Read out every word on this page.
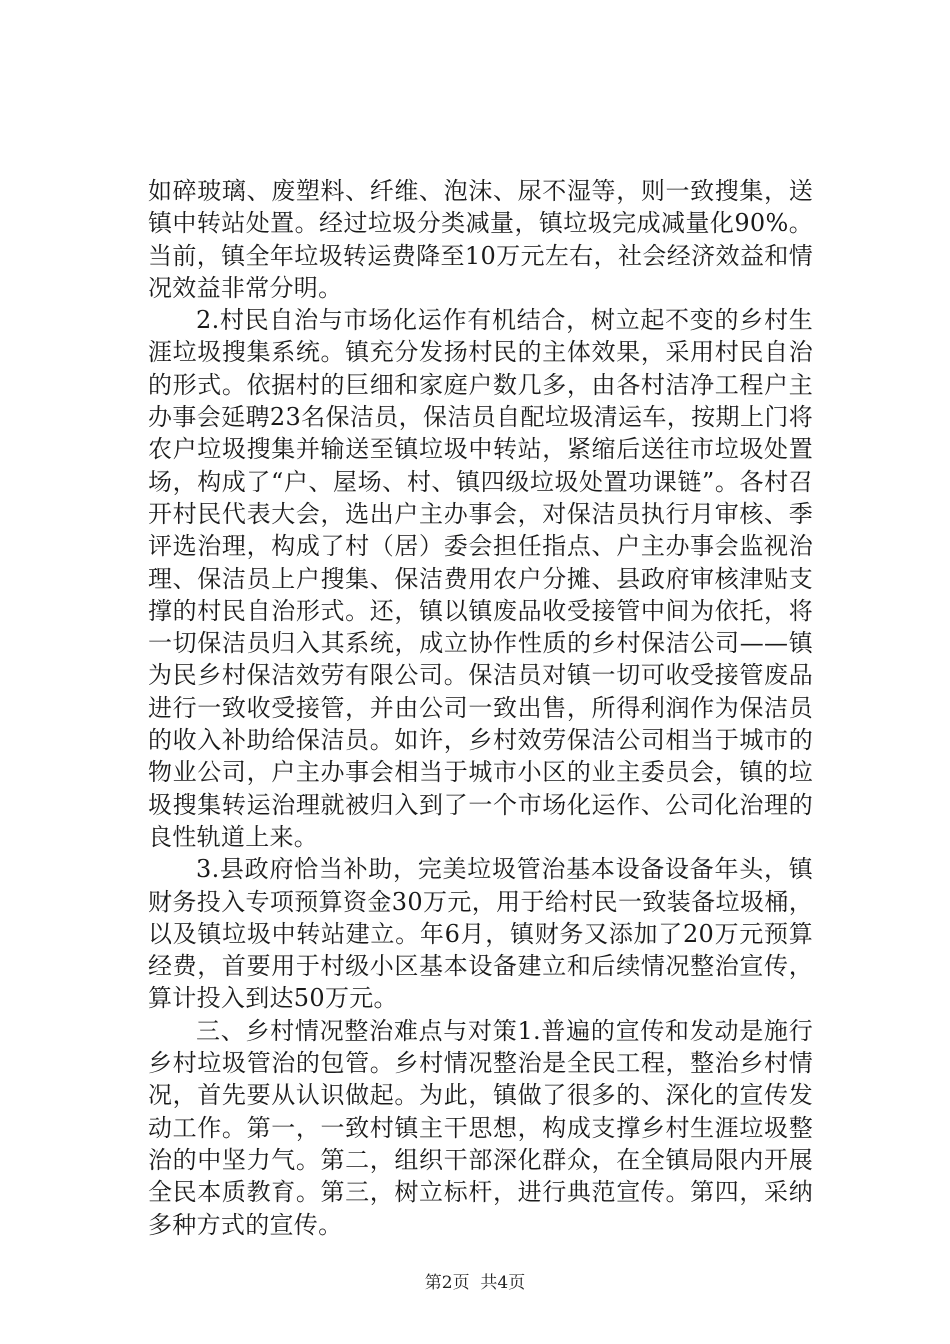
如碎玻璃、废塑料、纤维、泡沫、尿不湿等，则一致搜集，送镇中转站处置。经过垃圾分类减量，镇垃圾完成减量化90%。当前，镇全年垃圾转运费降至10万元左右，社会经济效益和情况效益非常分明。

2.村民自治与市场化运作有机结合，树立起不变的乡村生涯垃圾搜集系统。镇充分发扬村民的主体效果，采用村民自治的形式。依据村的巨细和家庭户数几多，由各村洁净工程户主办事会延聘23名保洁员，保洁员自配垃圾清运车，按期上门将农户垃圾搜集并输送至镇垃圾中转站，紧缩后送往市垃圾处置场，构成了“户、屋场、村、镇四级垃圾处置功课链”。各村召开村民代表大会，选出户主办事会，对保洁员执行月审核、季评选治理，构成了村（居）委会担任指点、户主办事会监视治理、保洁员上户搜集、保洁费用农户分摊、县政府审核津贴支撑的村民自治形式。还，镇以镇废品收受接管中间为依托，将一切保洁员归入其系统，成立协作性质的乡村保洁公司——镇为民乡村保洁效劳有限公司。保洁员对镇一切可收受接管废品进行一致收受接管，并由公司一致出售，所得利润作为保洁员的收入补助给保洁员。如许，乡村效劳保洁公司相当于城市的物业公司，户主办事会相当于城市小区的业主委员会，镇的垃圾搜集转运治理就被归入到了一个市场化运作、公司化治理的良性轨道上来。

3.县政府恰当补助，完美垃圾管治基本设备设备年头，镇财务投入专项预算资金30万元，用于给村民一致装备垃圾桶，以及镇垃圾中转站建立。年6月，镇财务又添加了20万元预算经费，首要用于村级小区基本设备建立和后续情况整治宣传，算计投入到达50万元。

三、乡村情况整治难点与对策1.普遍的宣传和发动是施行乡村垃圾管治的包管。乡村情况整治是全民工程，整治乡村情况，首先要从认识做起。为此，镇做了很多的、深化的宣传发动工作。第一，一致村镇主干思想，构成支撑乡村生涯垃圾整治的中坚力气。第二，组织干部深化群众，在全镇局限内开展全民本质教育。第三，树立标杆，进行典范宣传。第四，采纳多种方式的宣传。

第2页  共4页
